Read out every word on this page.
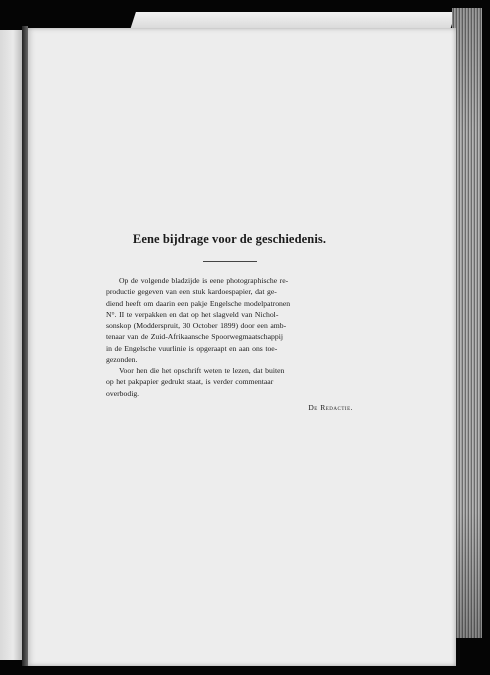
Eene bijdrage voor de geschiedenis.

Op de volgende bladzijde is eene photographische re-
productie gegeven van een stuk kardoespapier, dat ge-
diend heeft om daarin een pakje Engelsche modelpatronen
N°. II te verpakken en dat op het slagveld van Nichol-
sonskop (Modderspruit, 30 October 1899) door een amb-
tenaar van de Zuid-Afrikaansche Spoorwegmaatschappij
in de Engelsche vuurlinie is opgeraapt en aan ons toe-
gezonden.

Voor hen die het opschrift weten te lezen, dat buiten
op het pakpapier gedrukt staat, is verder commentaar
overbodig.

De Redactie.
